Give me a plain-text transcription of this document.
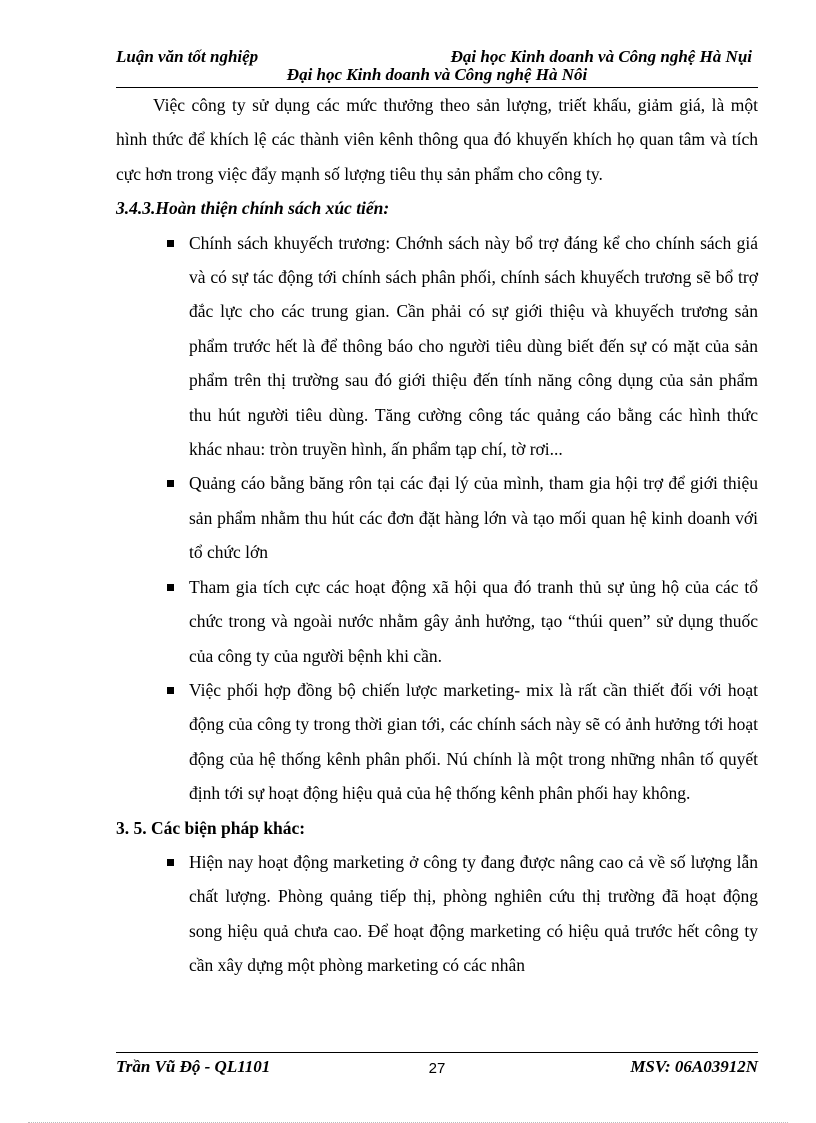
Luận văn tốt nghiệp	Đại học Kinh doanh và Công nghệ Hà Nụi
Đại học Kinh doanh và Công nghệ Hà Nôi

Việc công ty sử dụng các mức thưởng theo sản lượng, triết khấu, giảm giá, là một hình thức để khích lệ các thành viên kênh thông qua đó khuyến khích họ quan tâm và tích cực hơn trong việc đẩy mạnh số lượng tiêu thụ sản phẩm cho công ty.

3.4.3.Hoàn thiện chính sách xúc tiến:

Chính sách khuyếch trương: Chớnh sách này bổ trợ đáng kể cho chính sách giá và có sự tác động tới chính sách phân phối, chính sách khuyếch trương sẽ bổ trợ đắc lực cho các trung gian. Cần phải có sự giới thiệu và khuyếch trương sản phẩm trước hết là để thông báo cho người tiêu dùng biết đến sự có mặt của sản phẩm trên thị trường sau đó giới thiệu đến tính năng công dụng của sản phẩm thu hút người tiêu dùng. Tăng cường công tác quảng cáo bằng các hình thức khác nhau: tròn truyền hình, ấn phẩm tạp chí, tờ rơi...
Quảng cáo bằng băng rôn tại các đại lý của mình, tham gia hội trợ để giới thiệu sản phẩm nhằm thu hút các đơn đặt hàng lớn và tạo mối quan hệ kinh doanh với tổ chức lớn
Tham gia tích cực các hoạt động xã hội qua đó tranh thủ sự ủng hộ của các tổ chức trong và ngoài nước nhằm gây ảnh hưởng, tạo “thúi quen” sử dụng thuốc của công ty của người bệnh khi cần.
Việc phối hợp đồng bộ chiến lược marketing- mix là rất cần thiết đối với hoạt động của công ty trong thời gian tới, các chính sách này sẽ có ảnh hưởng tới hoạt động của hệ thống kênh phân phối. Nú chính là một trong những nhân tố quyết định tới sự hoạt động hiệu quả của hệ thống kênh phân phối hay không.

3. 5. Các biện pháp khác:

Hiện nay hoạt động marketing ở công ty đang được nâng cao cả về số lượng lẫn chất lượng. Phòng quảng tiếp thị, phòng nghiên cứu thị trường đã hoạt động song hiệu quả chưa cao. Để hoạt động marketing có hiệu quả trước hết công ty cần xây dựng một phòng marketing có các nhân
Trần Vũ Độ - QL1101	27	MSV: 06A03912N
